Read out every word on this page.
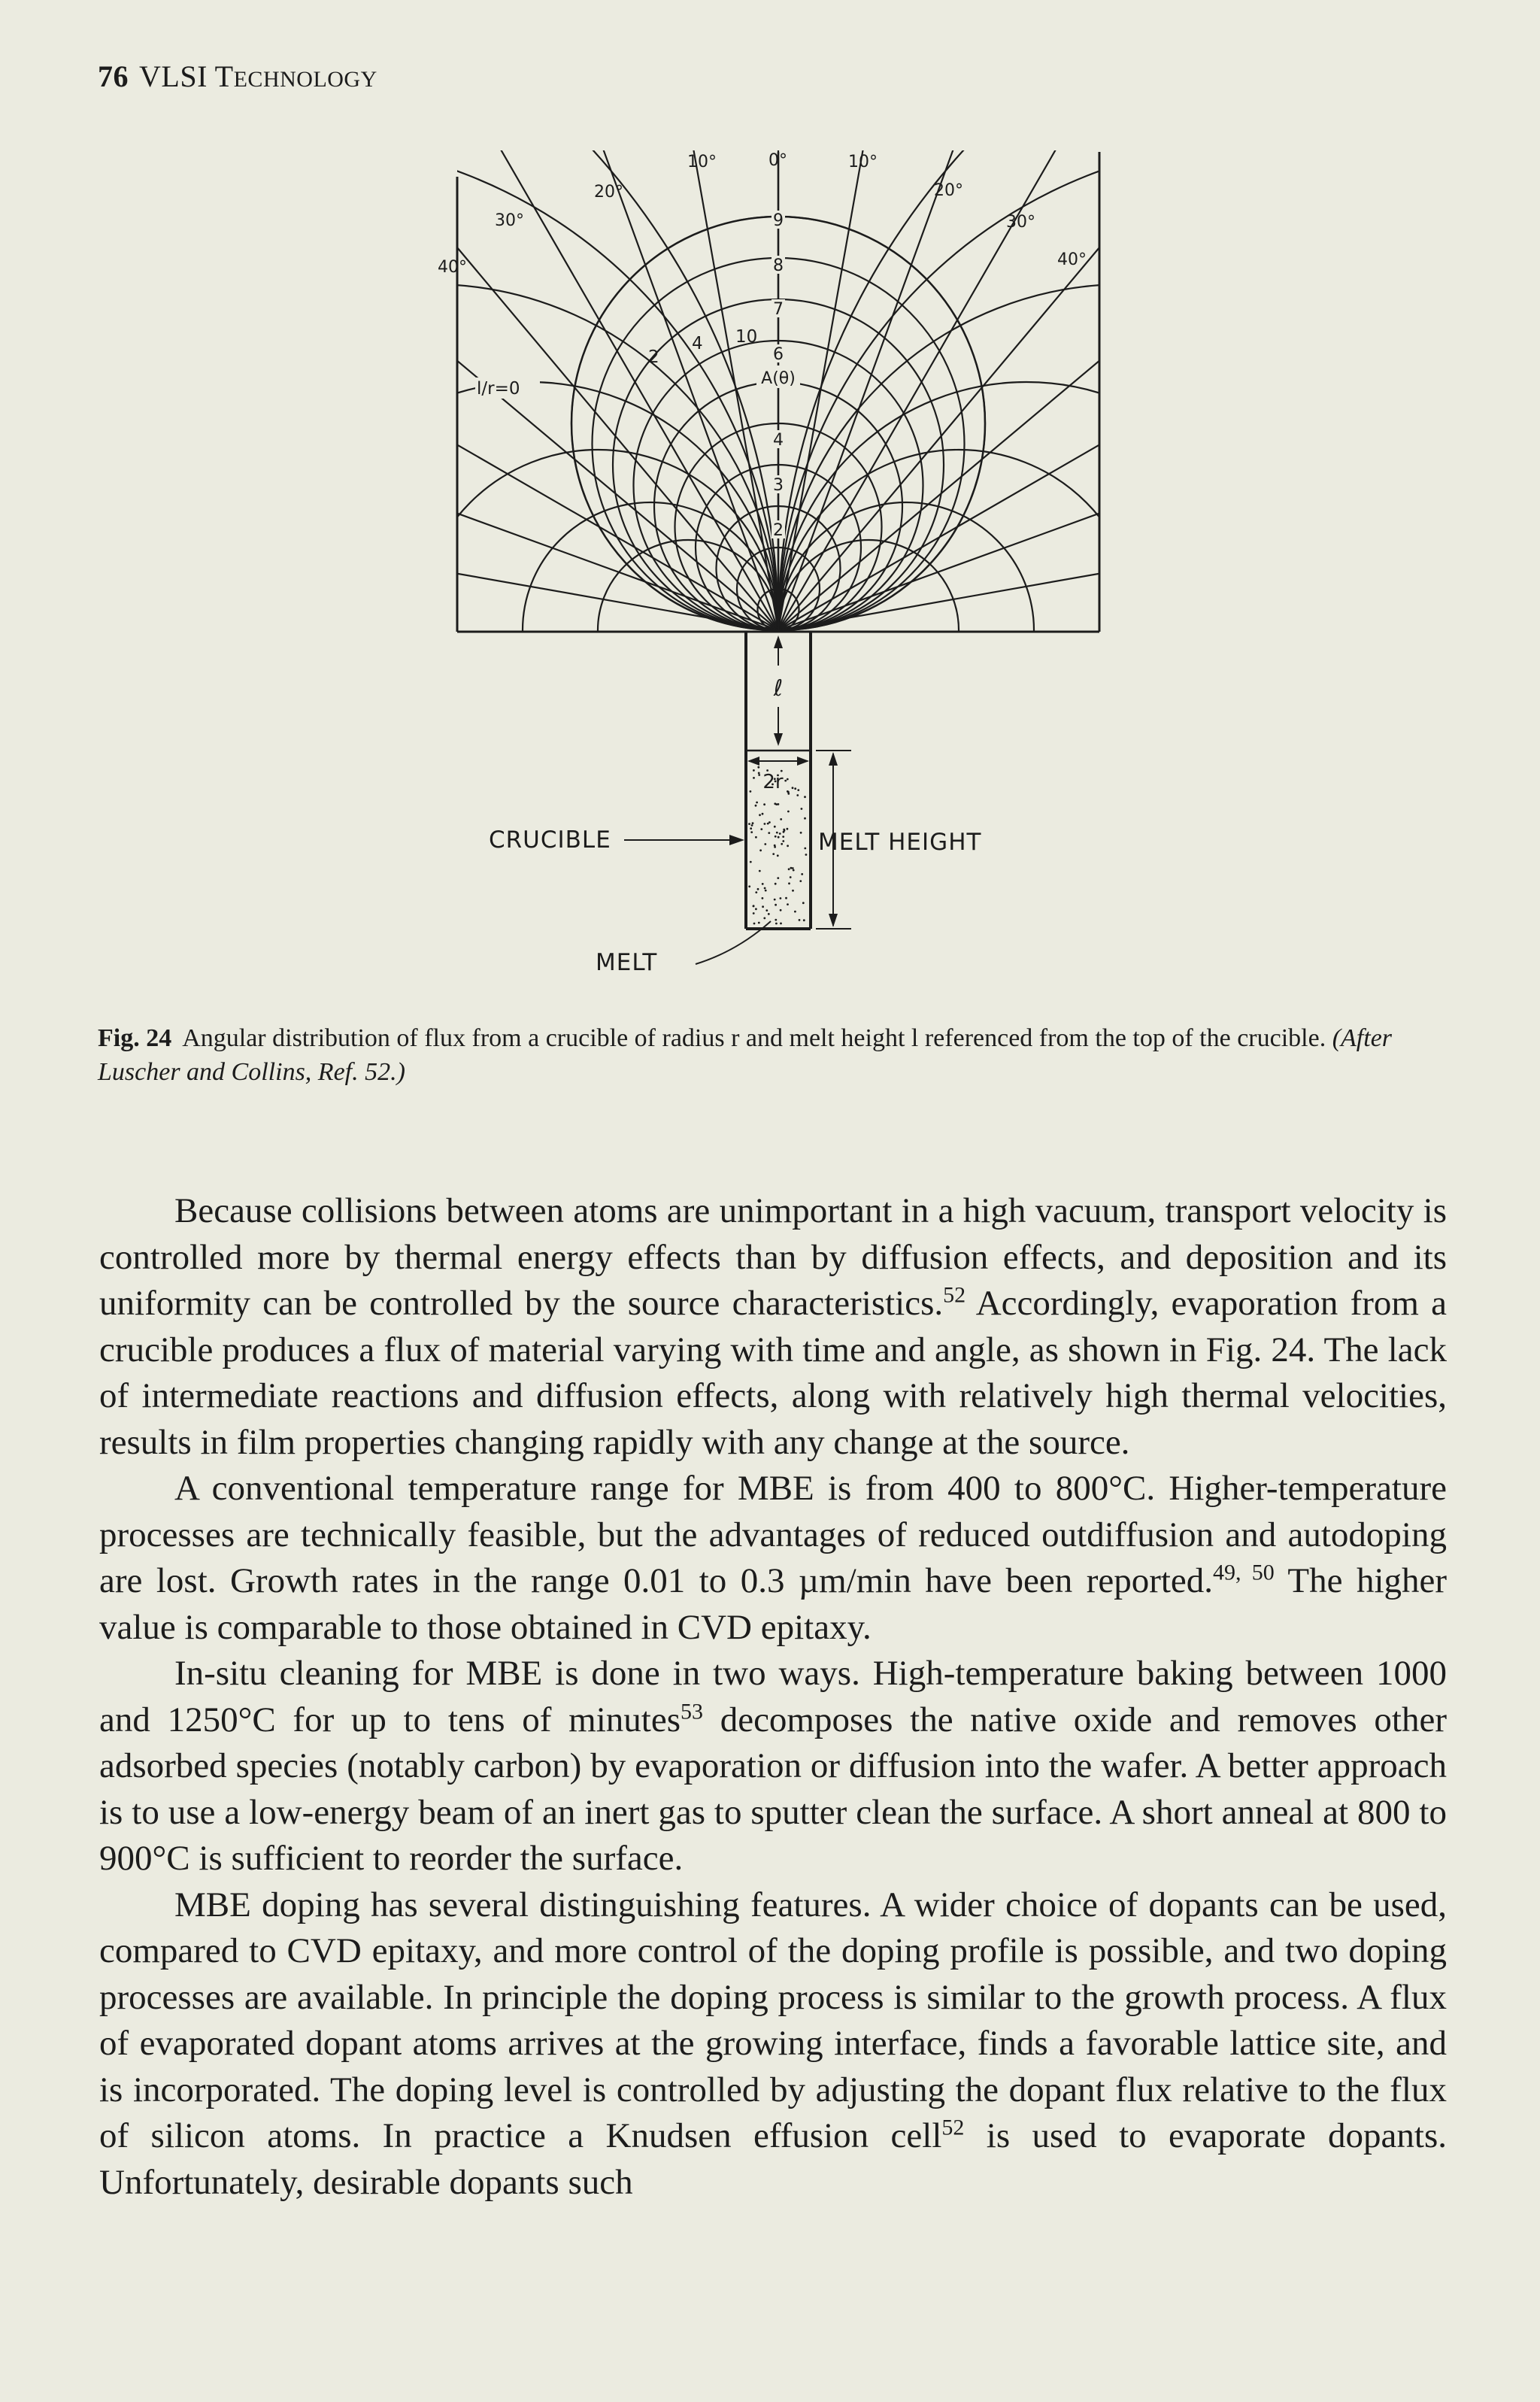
76 VLSI TECHNOLOGY
ℓ
2r
MELT HEIGHT
CRUCIBLE
MELT
40°
30°
20°
10°	0°	10°
20°
30°
40°
l/r=0
2
4 10
9
8
7
6
A(θ)
4
3
2
Fig. 24 Angular distribution of flux from a crucible of radius r and melt height l referenced from the top of the crucible. (After Luscher and Collins, Ref. 52.)

Because collisions between atoms are unimportant in a high vacuum, transport velocity is controlled more by thermal energy effects than by diffusion effects, and deposition and its uniformity can be controlled by the source characteristics.$^{52}$ Accordingly, evaporation from a crucible produces a flux of material varying with time and angle, as shown in Fig. 24. The lack of intermediate reactions and diffusion effects, along with relatively high thermal velocities, results in film properties changing rapidly with any change at the source.

A conventional temperature range for MBE is from 400 to 800°C. Higher-temperature processes are technically feasible, but the advantages of reduced outdiffusion and autodoping are lost. Growth rates in the range 0.01 to 0.3 µm/min have been reported.$^{49, 50}$ The higher value is comparable to those obtained in CVD epitaxy.

In-situ cleaning for MBE is done in two ways. High-temperature baking between 1000 and 1250°C for up to tens of minutes$^{53}$ decomposes the native oxide and removes other adsorbed species (notably carbon) by evaporation or diffusion into the wafer. A better approach is to use a low-energy beam of an inert gas to sputter clean the surface. A short anneal at 800 to 900°C is sufficient to reorder the surface.

MBE doping has several distinguishing features. A wider choice of dopants can be used, compared to CVD epitaxy, and more control of the doping profile is possible, and two doping processes are available. In principle the doping process is similar to the growth process. A flux of evaporated dopant atoms arrives at the growing interface, finds a favorable lattice site, and is incorporated. The doping level is controlled by adjusting the dopant flux relative to the flux of silicon atoms. In practice a Knudsen effusion cell$^{52}$ is used to evaporate dopants. Unfortunately, desirable dopants such
